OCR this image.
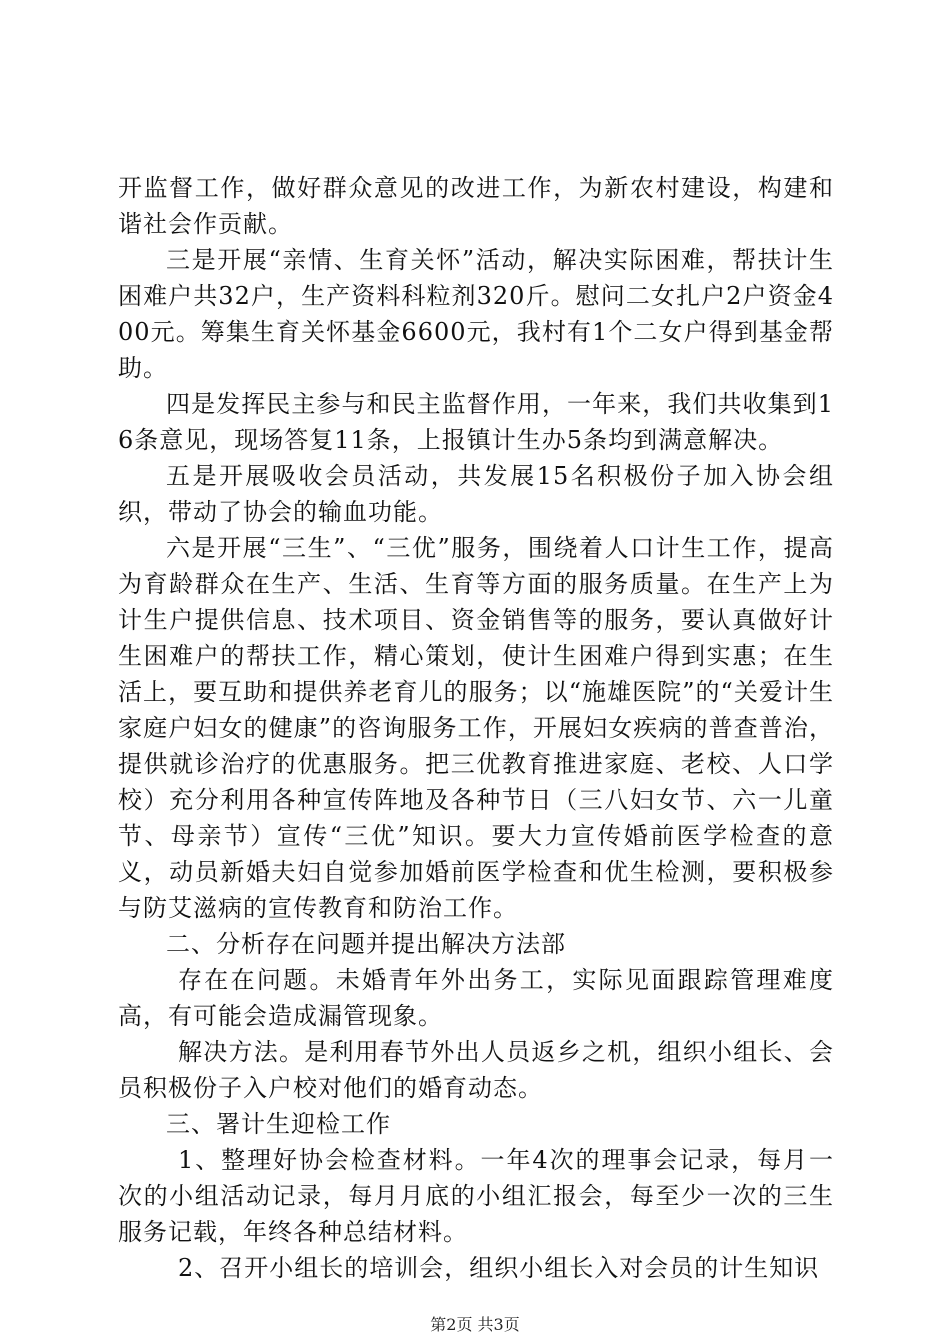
开监督工作，做好群众意见的改进工作，为新农村建设，构建和谐社会作贡献。

三是开展“亲情、生育关怀”活动，解决实际困难，帮扶计生困难户共32户，生产资料科粒剂320斤。慰问二女扎户2户资金400元。筹集生育关怀基金6600元，我村有1个二女户得到基金帮助。

四是发挥民主参与和民主监督作用，一年来，我们共收集到16条意见，现场答复11条，上报镇计生办5条均到满意解决。

五是开展吸收会员活动，共发展15名积极份子加入协会组织，带动了协会的输血功能。

六是开展“三生”、“三优”服务，围绕着人口计生工作，提高为育龄群众在生产、生活、生育等方面的服务质量。在生产上为计生户提供信息、技术项目、资金销售等的服务，要认真做好计生困难户的帮扶工作，精心策划，使计生困难户得到实惠；在生活上，要互助和提供养老育儿的服务；以“施雄医院”的“关爱计生家庭户妇女的健康”的咨询服务工作，开展妇女疾病的普查普治，提供就诊治疗的优惠服务。把三优教育推进家庭、老校、人口学校）充分利用各种宣传阵地及各种节日（三八妇女节、六一儿童节、母亲节）宣传“三优”知识。要大力宣传婚前医学检查的意义，动员新婚夫妇自觉参加婚前医学检查和优生检测，要积极参与防艾滋病的宣传教育和防治工作。

二、分析存在问题并提出解决方法部

存在在问题。未婚青年外出务工，实际见面跟踪管理难度高，有可能会造成漏管现象。

解决方法。是利用春节外出人员返乡之机，组织小组长、会员积极份子入户校对他们的婚育动态。

三、署计生迎检工作

1、整理好协会检查材料。一年4次的理事会记录，每月一次的小组活动记录，每月月底的小组汇报会，每至少一次的三生服务记载，年终各种总结材料。

2、召开小组长的培训会，组织小组长入对会员的计生知识

第2页 共3页
